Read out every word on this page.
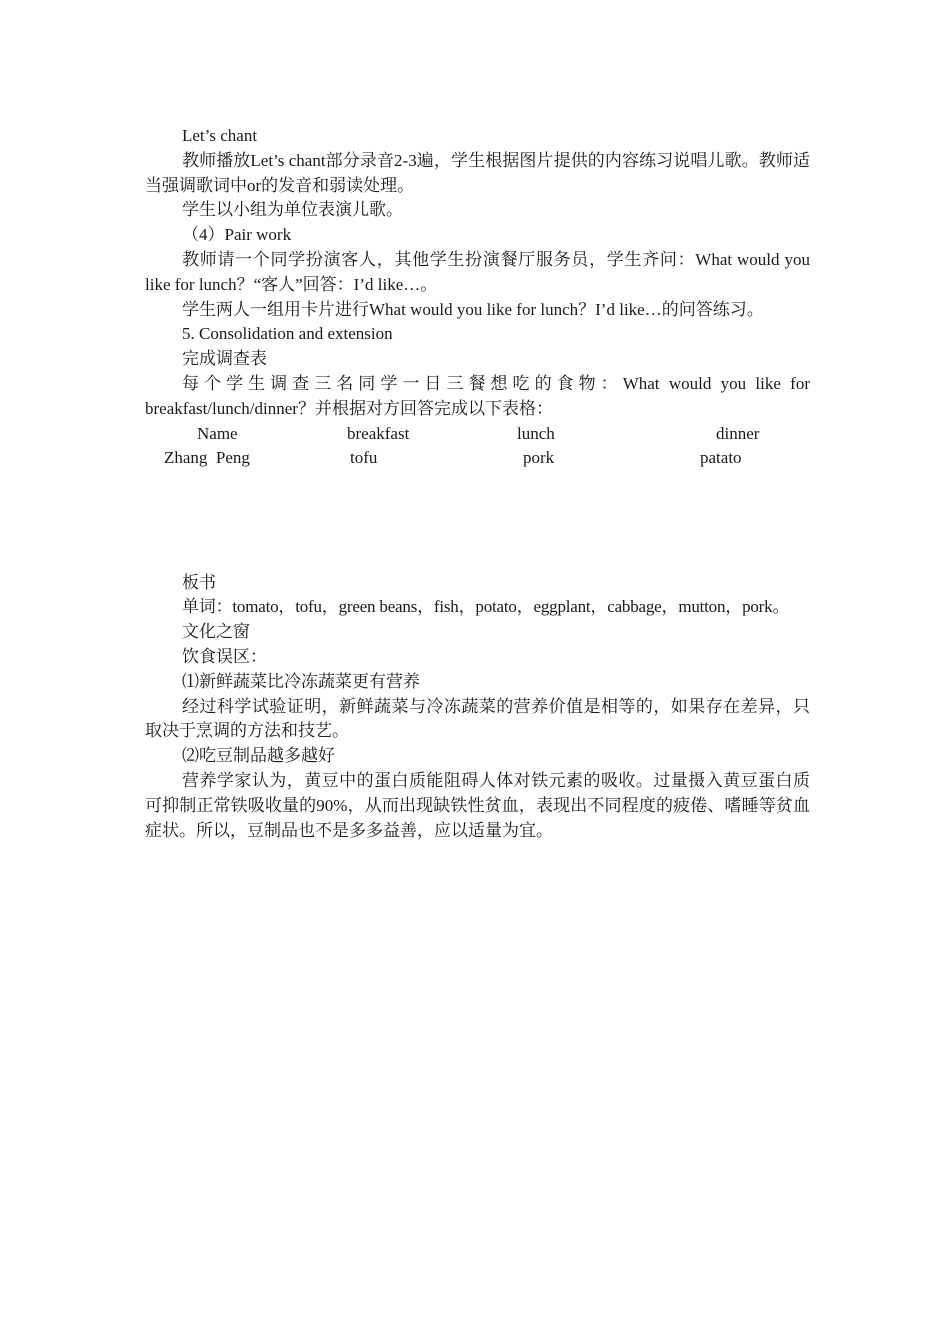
Let’s chant

教师播放Let’s chant部分录音2-3遍，学生根据图片提供的内容练习说唱儿歌。教师适当强调歌词中or的发音和弱读处理。

学生以小组为单位表演儿歌。

（4）Pair work

教师请一个同学扮演客人，其他学生扮演餐厅服务员，学生齐问：What would you like for lunch？“客人”回答：I’d like…。

学生两人一组用卡片进行What would you like for lunch？I’d like…的问答练习。

5. Consolidation and extension

完成调查表

每个学生调查三名同学一日三餐想吃的食物：What would you like for breakfast/lunch/dinner？并根据对方回答完成以下表格：

Name	breakfast	lunch	dinner
Zhang  Peng	tofu	pork	patato

板书

单词：tomato，tofu，green beans，fish，potato，eggplant，cabbage，mutton，pork。

文化之窗

饮食误区：

⑴新鲜蔬菜比冷冻蔬菜更有营养

经过科学试验证明，新鲜蔬菜与冷冻蔬菜的营养价值是相等的，如果存在差异，只取决于烹调的方法和技艺。

⑵吃豆制品越多越好

营养学家认为，黄豆中的蛋白质能阻碍人体对铁元素的吸收。过量摄入黄豆蛋白质可抑制正常铁吸收量的90%，从而出现缺铁性贫血，表现出不同程度的疲倦、嗜睡等贫血症状。所以，豆制品也不是多多益善，应以适量为宜。
